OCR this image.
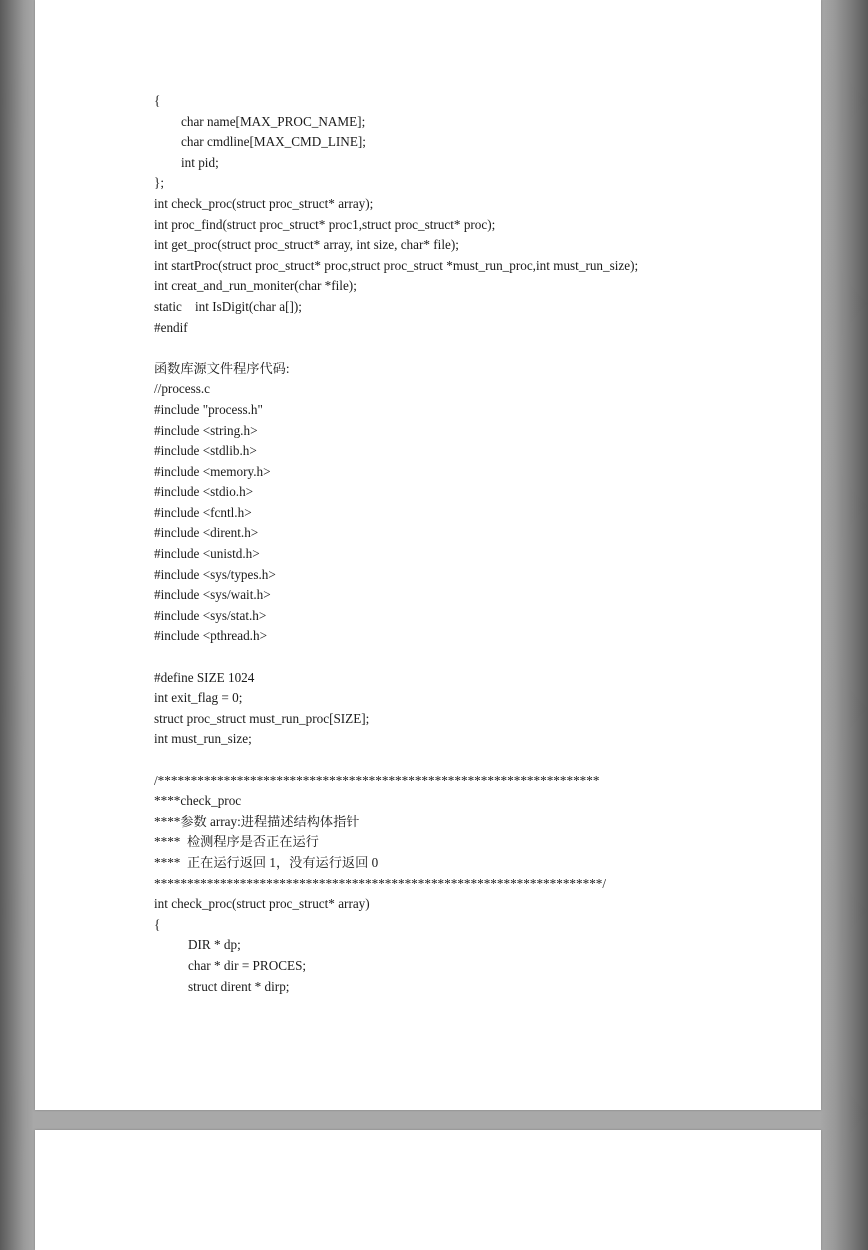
{
char name[MAX_PROC_NAME];
char cmdline[MAX_CMD_LINE];
int pid;
};
int check_proc(struct proc_struct* array);
int proc_find(struct proc_struct* proc1,struct proc_struct* proc);
int get_proc(struct proc_struct* array, int size, char* file);
int startProc(struct proc_struct* proc,struct proc_struct *must_run_proc,int must_run_size);
int creat_and_run_moniter(char *file);
static    int IsDigit(char a[]);
#endif
函数库源文件程序代码:
//process.c
#include "process.h"
#include <string.h>
#include <stdlib.h>
#include <memory.h>
#include <stdio.h>
#include <fcntl.h>
#include <dirent.h>
#include <unistd.h>
#include <sys/types.h>
#include <sys/wait.h>
#include <sys/stat.h>
#include <pthread.h>
#define SIZE 1024
int exit_flag = 0;
struct proc_struct must_run_proc[SIZE];
int must_run_size;
/*******************************************************************
****check_proc
****参数 array:进程描述结构体指针
****  检测程序是否正在运行
****  正在运行返回 1，没有运行返回 0
********************************************************************/
int check_proc(struct proc_struct* array)
{
DIR * dp;
char * dir = PROCES;
struct dirent * dirp;
